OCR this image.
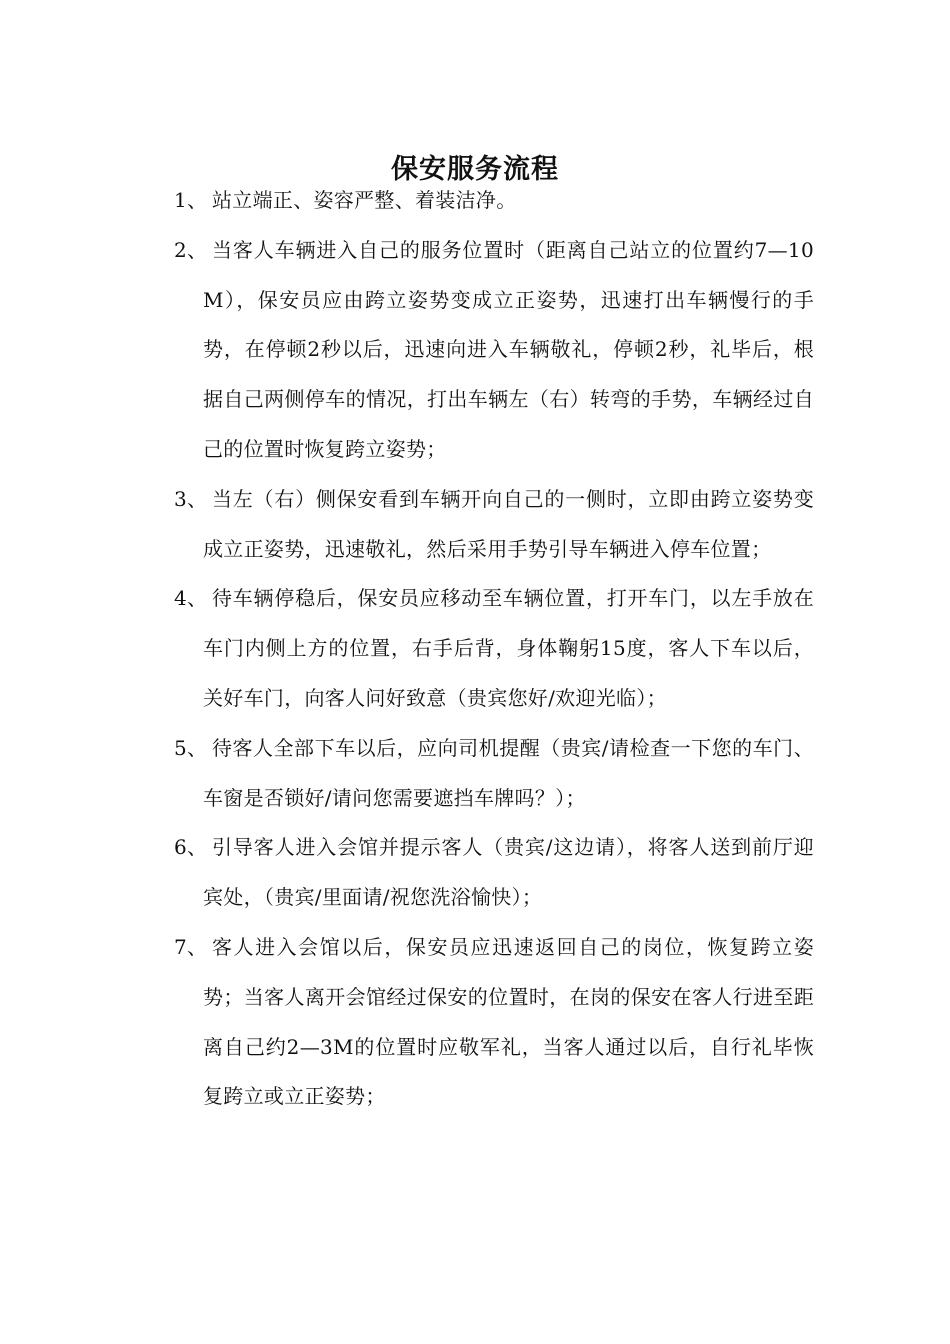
保安服务流程
1、 站立端正、姿容严整、着装洁净。
2、 当客人车辆进入自己的服务位置时（距离自己站立的位置约7—10M），保安员应由跨立姿势变成立正姿势，迅速打出车辆慢行的手势，在停顿2秒以后，迅速向进入车辆敬礼，停顿2秒，礼毕后，根据自己两侧停车的情况，打出车辆左（右）转弯的手势，车辆经过自己的位置时恢复跨立姿势；
3、 当左（右）侧保安看到车辆开向自己的一侧时，立即由跨立姿势变成立正姿势，迅速敬礼，然后采用手势引导车辆进入停车位置；
4、 待车辆停稳后，保安员应移动至车辆位置，打开车门，以左手放在车门内侧上方的位置，右手后背，身体鞠躬15度，客人下车以后，关好车门，向客人问好致意（贵宾您好/欢迎光临）；
5、 待客人全部下车以后，应向司机提醒（贵宾/请检查一下您的车门、车窗是否锁好/请问您需要遮挡车牌吗？）；
6、 引导客人进入会馆并提示客人（贵宾/这边请），将客人送到前厅迎宾处，（贵宾/里面请/祝您洗浴愉快）；
7、 客人进入会馆以后，保安员应迅速返回自己的岗位，恢复跨立姿势；当客人离开会馆经过保安的位置时，在岗的保安在客人行进至距离自己约2—3M的位置时应敬军礼，当客人通过以后，自行礼毕恢复跨立或立正姿势；
